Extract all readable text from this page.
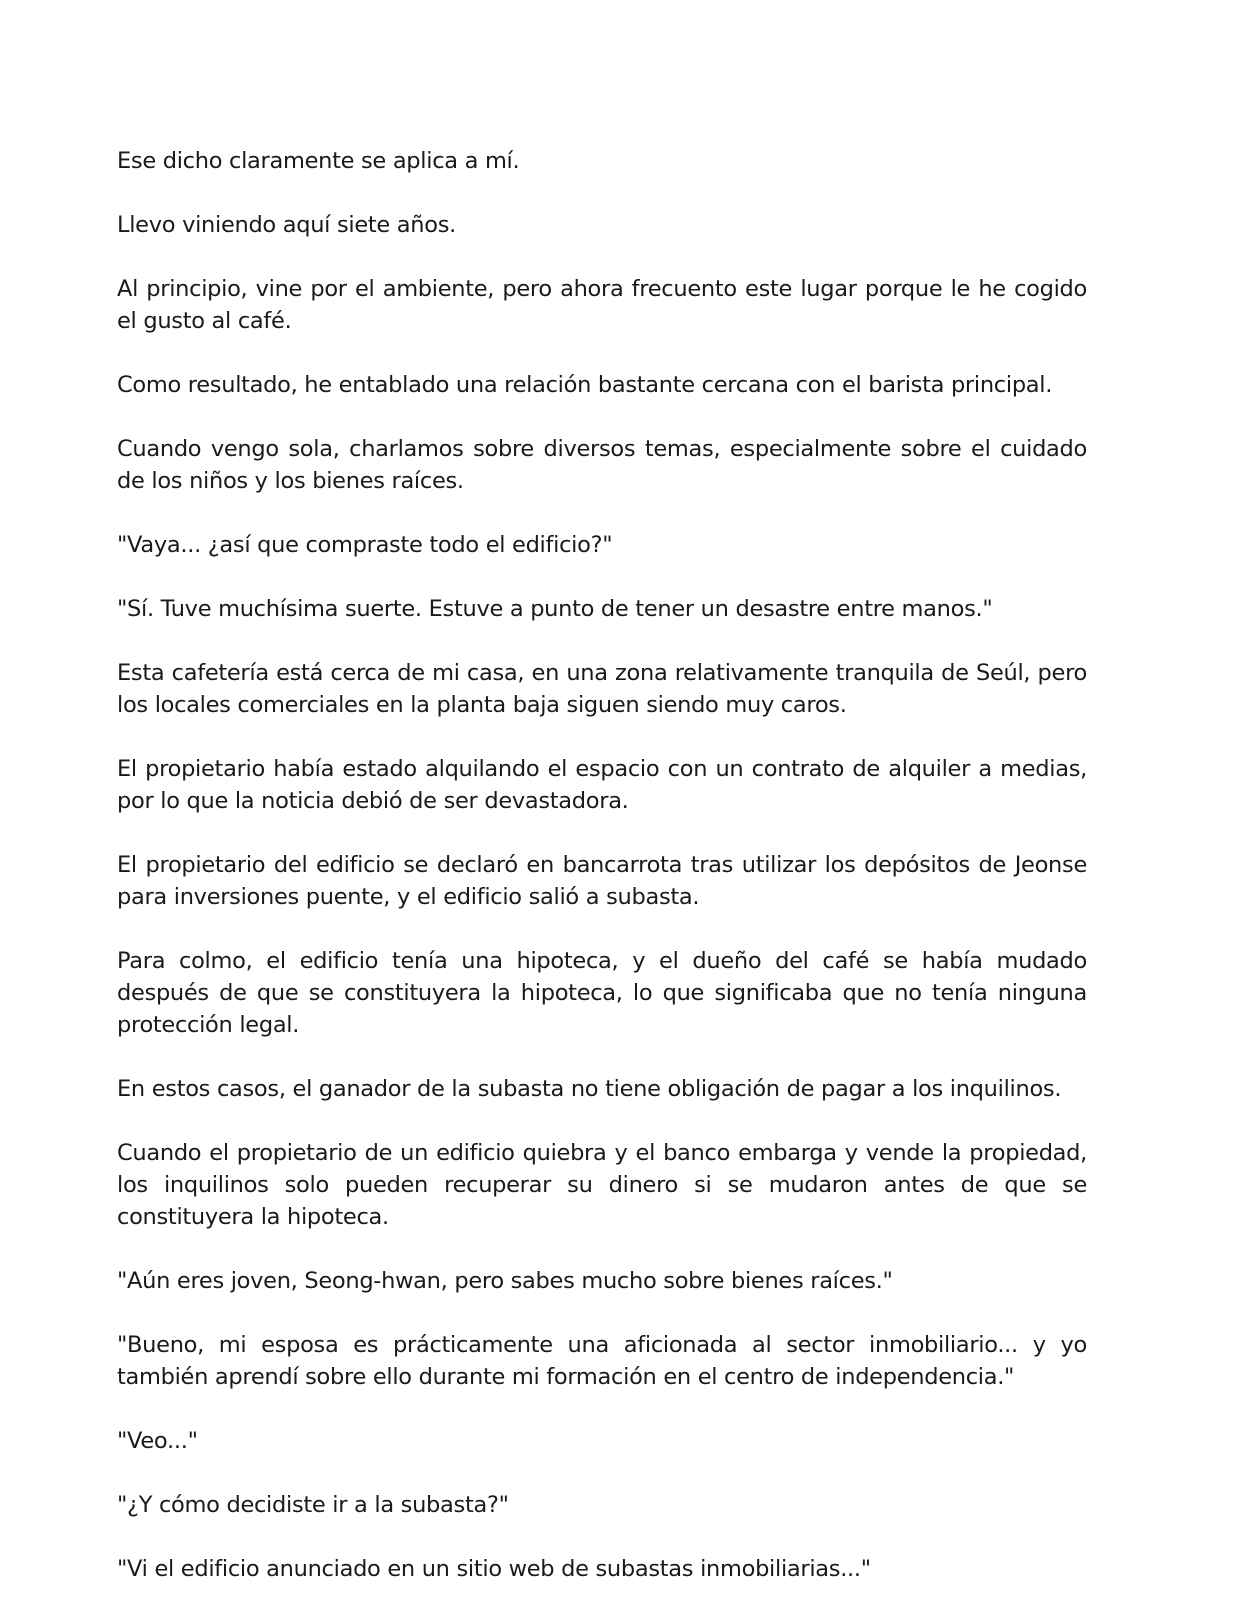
Ese dicho claramente se aplica a mí.

Llevo viniendo aquí siete años.

Al principio, vine por el ambiente, pero ahora frecuento este lugar porque le he cogido el gusto al café.

Como resultado, he entablado una relación bastante cercana con el barista principal.

Cuando vengo sola, charlamos sobre diversos temas, especialmente sobre el cuidado de los niños y los bienes raíces.

"Vaya... ¿así que compraste todo el edificio?"

"Sí. Tuve muchísima suerte. Estuve a punto de tener un desastre entre manos."

Esta cafetería está cerca de mi casa, en una zona relativamente tranquila de Seúl, pero los locales comerciales en la planta baja siguen siendo muy caros.

El propietario había estado alquilando el espacio con un contrato de alquiler a medias, por lo que la noticia debió de ser devastadora.

El propietario del edificio se declaró en bancarrota tras utilizar los depósitos de Jeonse para inversiones puente, y el edificio salió a subasta.

Para colmo, el edificio tenía una hipoteca, y el dueño del café se había mudado después de que se constituyera la hipoteca, lo que significaba que no tenía ninguna protección legal.

En estos casos, el ganador de la subasta no tiene obligación de pagar a los inquilinos.

Cuando el propietario de un edificio quiebra y el banco embarga y vende la propiedad, los inquilinos solo pueden recuperar su dinero si se mudaron antes de que se constituyera la hipoteca.

"Aún eres joven, Seong-hwan, pero sabes mucho sobre bienes raíces."

"Bueno, mi esposa es prácticamente una aficionada al sector inmobiliario... y yo también aprendí sobre ello durante mi formación en el centro de independencia."

"Veo..."

"¿Y cómo decidiste ir a la subasta?"

"Vi el edificio anunciado en un sitio web de subastas inmobiliarias..."
